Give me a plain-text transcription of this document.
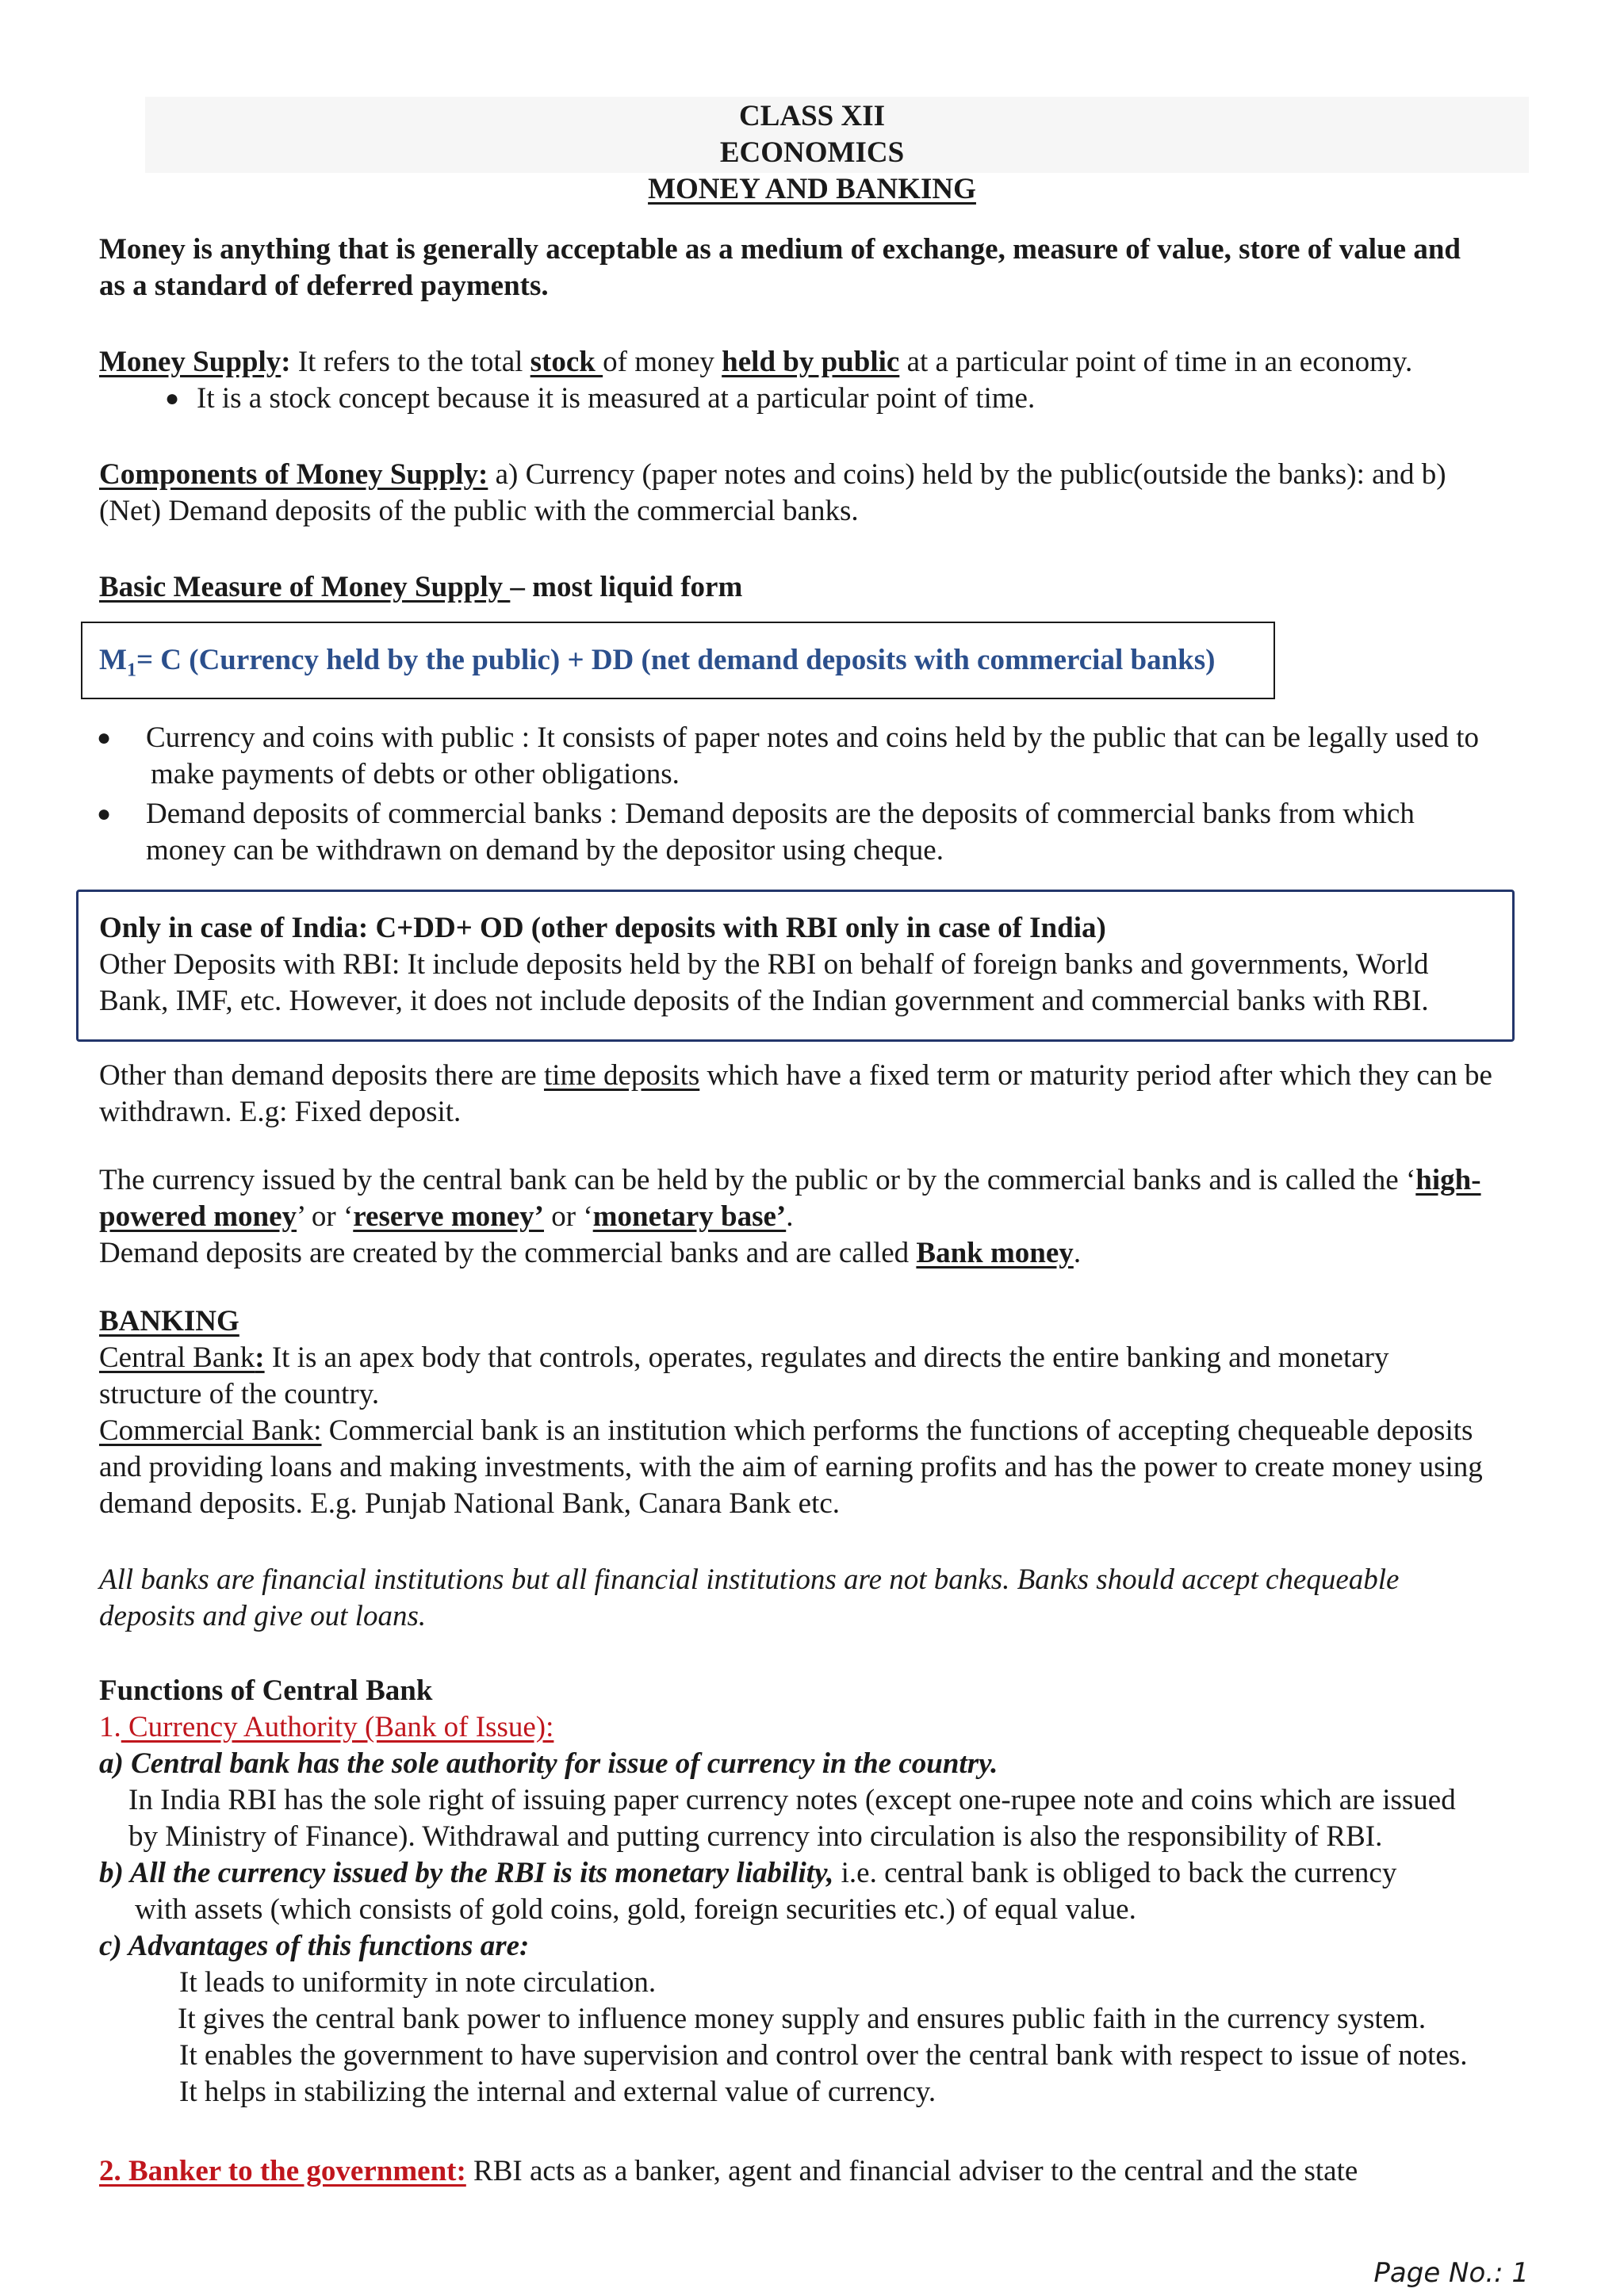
CLASS XII
ECONOMICS
MONEY AND BANKING
Money is anything that is generally acceptable as a medium of exchange, measure of value, store of value and
as a standard of deferred payments.
Money Supply: It refers to the total stock of money held by public at a particular point of time in an economy.
● It is a stock concept because it is measured at a particular point of time.
Components of Money Supply: a) Currency (paper notes and coins) held by the public(outside the banks): and b)
(Net) Demand deposits of the public with the commercial banks.
Basic Measure of Money Supply – most liquid form
$M_1= C$ (Currency held by the public) + DD (net demand deposits with commercial banks)
● Currency and coins with public : It consists of paper notes and coins held by the public that can be legally used to
make payments of debts or other obligations.
● Demand deposits of commercial banks : Demand deposits are the deposits of commercial banks from which
money can be withdrawn on demand by the depositor using cheque.
Only in case of India: C+DD+ OD (other deposits with RBI only in case of India)
Other Deposits with RBI: It include deposits held by the RBI on behalf of foreign banks and governments, World
Bank, IMF, etc. However, it does not include deposits of the Indian government and commercial banks with RBI.
Other than demand deposits there are time deposits which have a fixed term or maturity period after which they can be
withdrawn. E.g: Fixed deposit.
The currency issued by the central bank can be held by the public or by the commercial banks and is called the ‘high-
powered money’ or ‘reserve money’ or ‘monetary base’.
Demand deposits are created by the commercial banks and are called Bank money.
BANKING
Central Bank: It is an apex body that controls, operates, regulates and directs the entire banking and monetary
structure of the country.
Commercial Bank: Commercial bank is an institution which performs the functions of accepting chequeable deposits
and providing loans and making investments, with the aim of earning profits and has the power to create money using
demand deposits. E.g. Punjab National Bank, Canara Bank etc.
All banks are financial institutions but all financial institutions are not banks. Banks should accept chequeable
deposits and give out loans.
Functions of Central Bank
1. Currency Authority (Bank of Issue):
a) Central bank has the sole authority for issue of currency in the country.
In India RBI has the sole right of issuing paper currency notes (except one-rupee note and coins which are issued
by Ministry of Finance). Withdrawal and putting currency into circulation is also the responsibility of RBI.
b) All the currency issued by the RBI is its monetary liability, i.e. central bank is obliged to back the currency
with assets (which consists of gold coins, gold, foreign securities etc.) of equal value.
c) Advantages of this functions are:
It leads to uniformity in note circulation.
It gives the central bank power to influence money supply and ensures public faith in the currency system.
It enables the government to have supervision and control over the central bank with respect to issue of notes.
It helps in stabilizing the internal and external value of currency.
2. Banker to the government: RBI acts as a banker, agent and financial adviser to the central and the state
Page No.: 1
